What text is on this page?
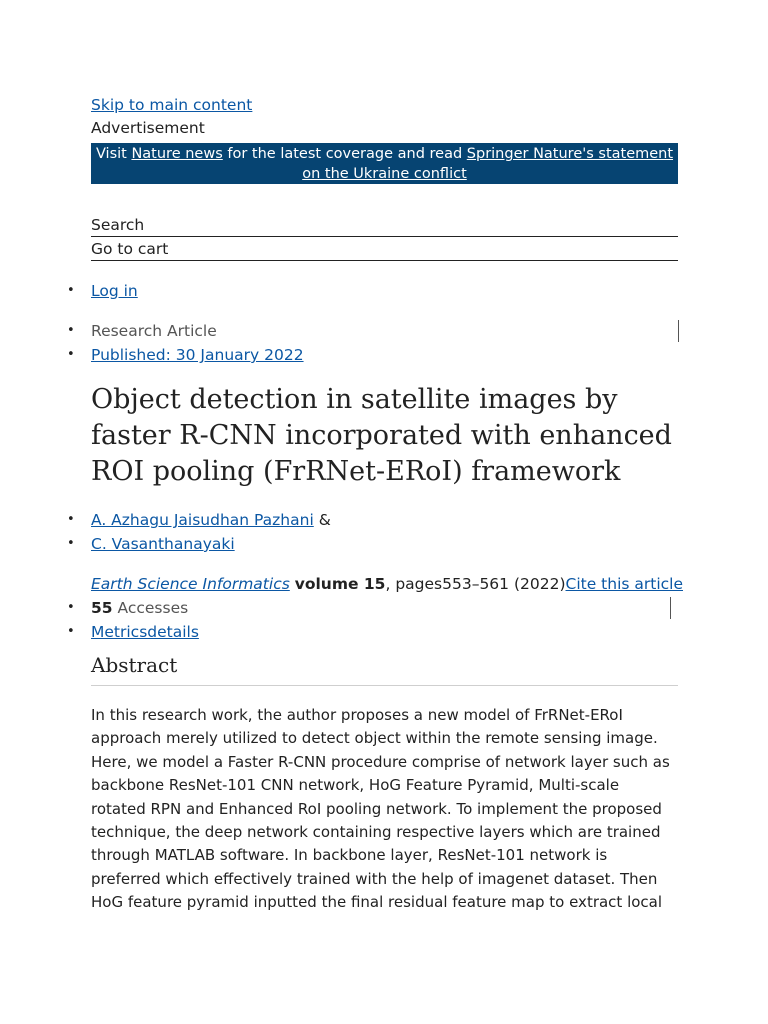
Skip to main content
Advertisement
Visit Nature news for the latest coverage and read Springer Nature's statement on the Ukraine conflict
Search
Go to cart
• Log in
• Research Article
• Published: 30 January 2022
Object detection in satellite images by faster R-CNN incorporated with enhanced ROI pooling (FrRNet-ERoI) framework
• A. Azhagu Jaisudhan Pazhani &
• C. Vasanthanayaki
Earth Science Informatics volume 15, pages553–561 (2022)Cite this article
• 55 Accesses
• Metricsdetails
Abstract

In this research work, the author proposes a new model of FrRNet-ERoI approach merely utilized to detect object within the remote sensing image. Here, we model a Faster R-CNN procedure comprise of network layer such as backbone ResNet-101 CNN network, HoG Feature Pyramid, Multi-scale rotated RPN and Enhanced RoI pooling network. To implement the proposed technique, the deep network containing respective layers which are trained through MATLAB software. In backbone layer, ResNet-101 network is preferred which effectively trained with the help of imagenet dataset. Then HoG feature pyramid inputted the final residual feature map to extract local
